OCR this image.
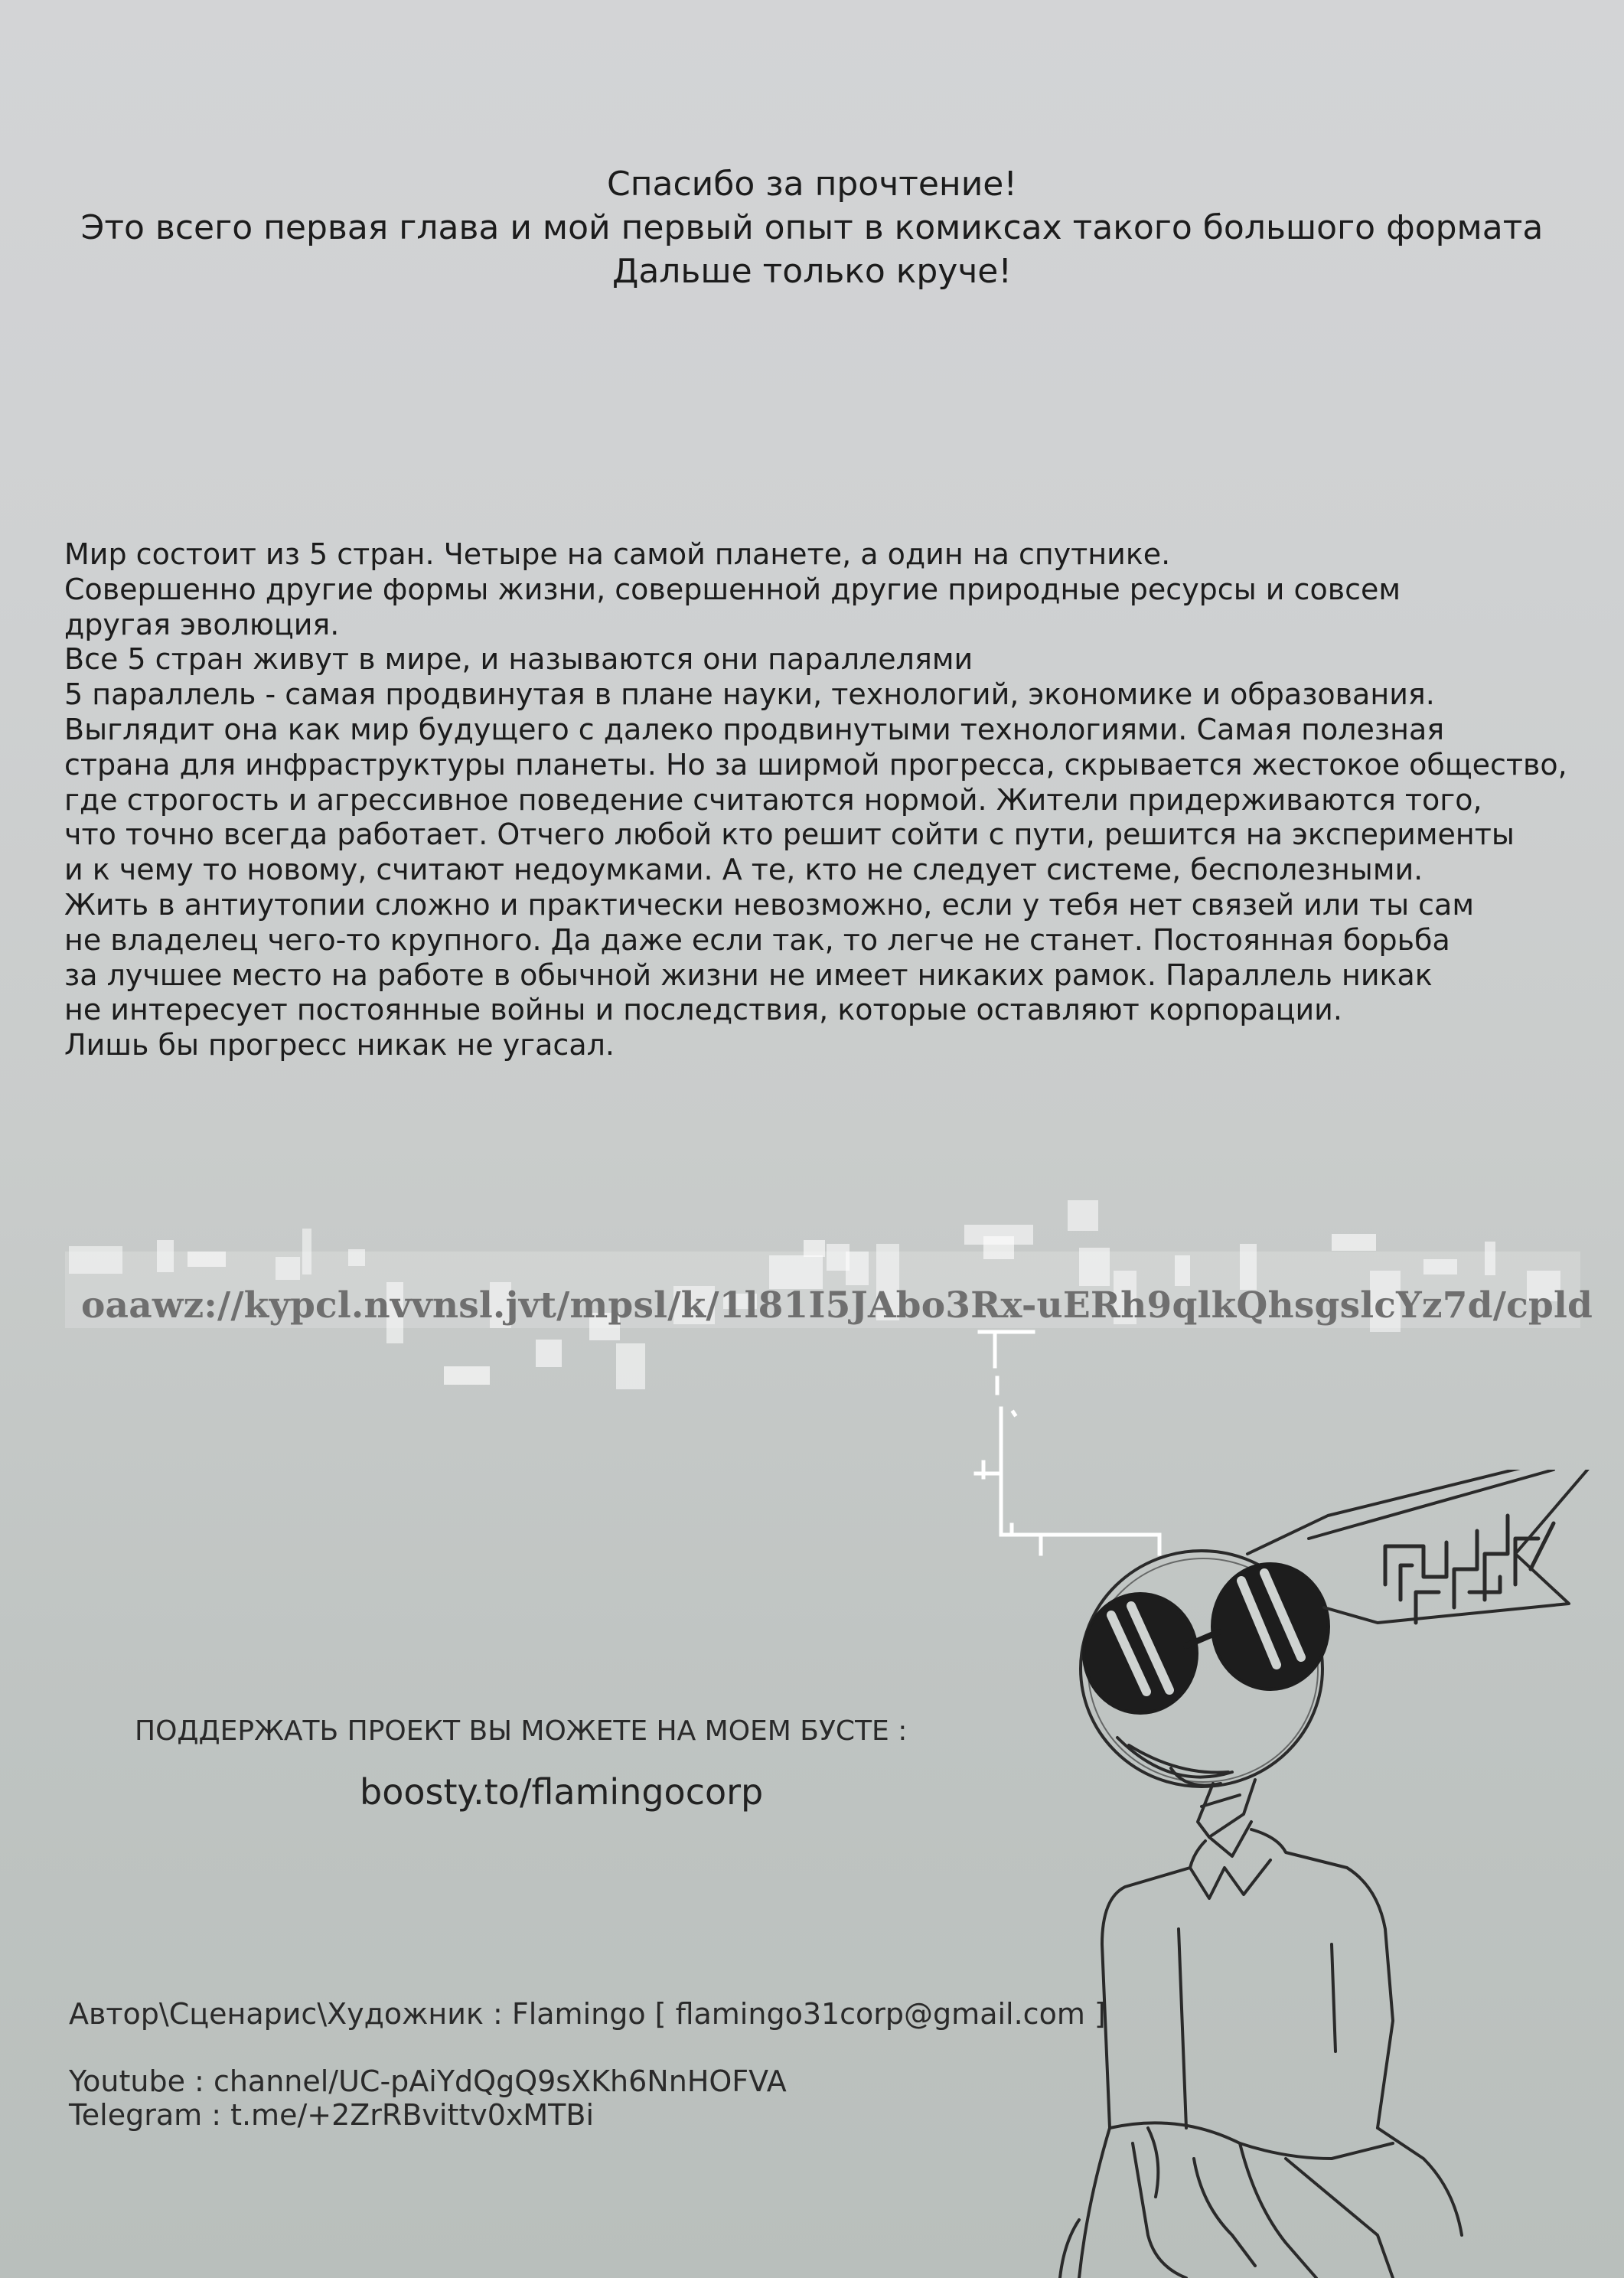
Спасибо за прочтение!
Это всего первая глава и мой первый опыт в комиксах такого большого формата
Дальше только круче!
Мир состоит из 5 стран. Четыре на самой планете, а один на спутнике.
Совершенно другие формы жизни, совершенной другие природные ресурсы и совсем
другая эволюция.
Все 5 стран живут в мире, и называются они параллелями
5 параллель - самая продвинутая в плане науки, технологий, экономике и образования.
Выглядит она как мир будущего с далеко продвинутыми технологиями. Самая полезная
страна для инфраструктуры планеты. Но за ширмой прогресса, скрывается жестокое общество,
где строгость и агрессивное поведение считаются нормой. Жители придерживаются того,
что точно всегда работает. Отчего любой кто решит сойти с пути, решится на эксперименты
и к чему то новому, считают недоумками. А те, кто не следует системе, бесполезными.
Жить в антиутопии сложно и практически невозможно, если у тебя нет связей или ты сам
не владелец чего-то крупного. Да даже если так, то легче не станет. Постоянная борьба
за лучшее место на работе в обычной жизни не имеет никаких рамок. Параллель никак
не интересует постоянные войны и последствия, которые оставляют корпорации.
Лишь бы прогресс никак не угасал.
oaawz://kypcl.nvvnsl.jvt/mpsl/k/1l81I5JAbo3Rx-uERh9qlkQhsgslcYz7d/cpld
ПОДДЕРЖАТЬ ПРОЕКТ ВЫ МОЖЕТЕ НА МОЕМ БУСТЕ :
boosty.to/flamingocorp
Автор\Сценарис\Художник : Flamingo [ flamingo31corp@gmail.com ]
Youtube : channel/UC-pAiYdQgQ9sXKh6NnHOFVA
Telegram : t.me/+2ZrRBvittv0xMTBi
